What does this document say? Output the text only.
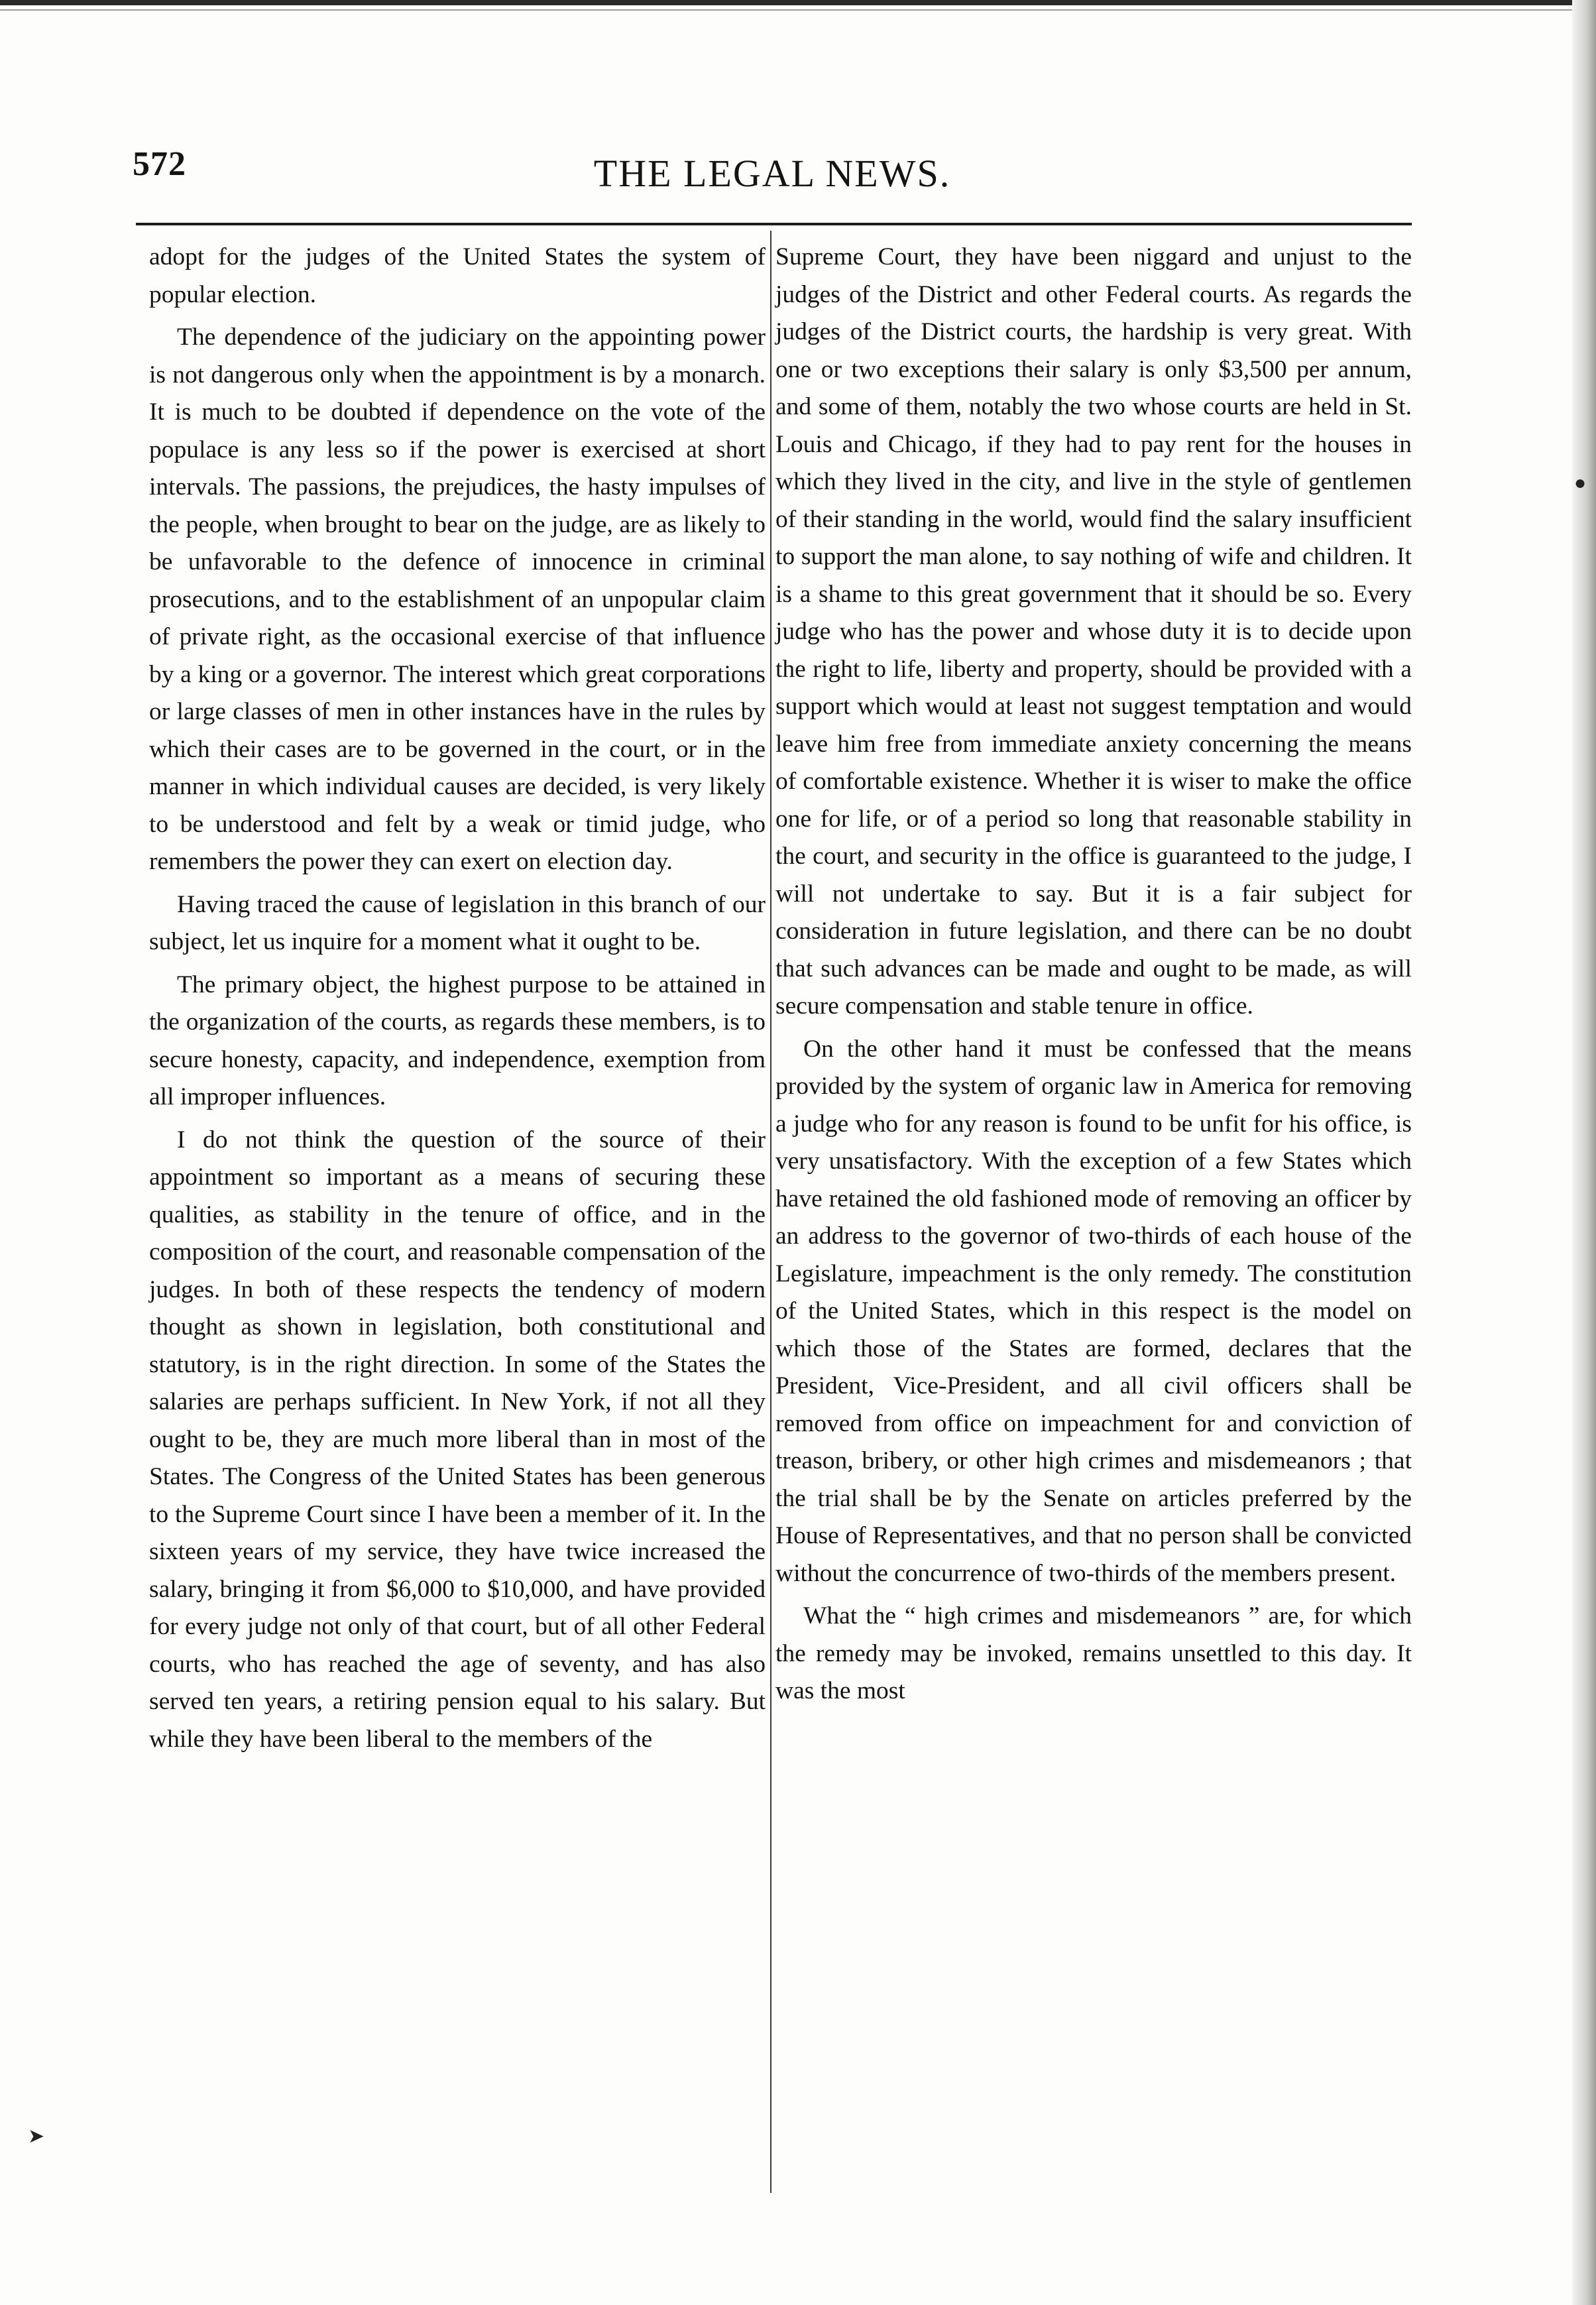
572	THE LEGAL NEWS.

adopt for the judges of the United States the system of popular election.

The dependence of the judiciary on the appointing power is not dangerous only when the appointment is by a monarch. It is much to be doubted if dependence on the vote of the populace is any less so if the power is exercised at short intervals. The passions, the prejudices, the hasty impulses of the people, when brought to bear on the judge, are as likely to be unfavorable to the defence of innocence in criminal prosecutions, and to the establishment of an unpopular claim of private right, as the occasional exercise of that influence by a king or a governor. The interest which great corporations or large classes of men in other instances have in the rules by which their cases are to be governed in the court, or in the manner in which individual causes are decided, is very likely to be understood and felt by a weak or timid judge, who remembers the power they can exert on election day.

Having traced the cause of legislation in this branch of our subject, let us inquire for a moment what it ought to be.

The primary object, the highest purpose to be attained in the organization of the courts, as regards these members, is to secure honesty, capacity, and independence, exemption from all improper influences.

I do not think the question of the source of their appointment so important as a means of securing these qualities, as stability in the tenure of office, and in the composition of the court, and reasonable compensation of the judges. In both of these respects the tendency of modern thought as shown in legislation, both constitutional and statutory, is in the right direction. In some of the States the salaries are perhaps sufficient. In New York, if not all they ought to be, they are much more liberal than in most of the States. The Congress of the United States has been generous to the Supreme Court since I have been a member of it. In the sixteen years of my service, they have twice increased the salary, bringing it from $6,000 to $10,000, and have provided for every judge not only of that court, but of all other Federal courts, who has reached the age of seventy, and has also served ten years, a retiring pension equal to his salary. But while they have been liberal to the members of the

Supreme Court, they have been niggard and unjust to the judges of the District and other Federal courts. As regards the judges of the District courts, the hardship is very great. With one or two exceptions their salary is only $3,500 per annum, and some of them, notably the two whose courts are held in St. Louis and Chicago, if they had to pay rent for the houses in which they lived in the city, and live in the style of gentlemen of their standing in the world, would find the salary insufficient to support the man alone, to say nothing of wife and children. It is a shame to this great government that it should be so. Every judge who has the power and whose duty it is to decide upon the right to life, liberty and property, should be provided with a support which would at least not suggest temptation and would leave him free from immediate anxiety concerning the means of comfortable existence. Whether it is wiser to make the office one for life, or of a period so long that reasonable stability in the court, and security in the office is guaranteed to the judge, I will not undertake to say. But it is a fair subject for consideration in future legislation, and there can be no doubt that such advances can be made and ought to be made, as will secure compensation and stable tenure in office.

On the other hand it must be confessed that the means provided by the system of organic law in America for removing a judge who for any reason is found to be unfit for his office, is very unsatisfactory. With the exception of a few States which have retained the old fashioned mode of removing an officer by an address to the governor of two-thirds of each house of the Legislature, impeachment is the only remedy. The constitution of the United States, which in this respect is the model on which those of the States are formed, declares that the President, Vice-President, and all civil officers shall be removed from office on impeachment for and conviction of treason, bribery, or other high crimes and misdemeanors ; that the trial shall be by the Senate on articles preferred by the House of Representatives, and that no person shall be convicted without the concurrence of two-thirds of the members present.

What the “ high crimes and misdemeanors ” are, for which the remedy may be invoked, remains unsettled to this day. It was the most

●
➤
